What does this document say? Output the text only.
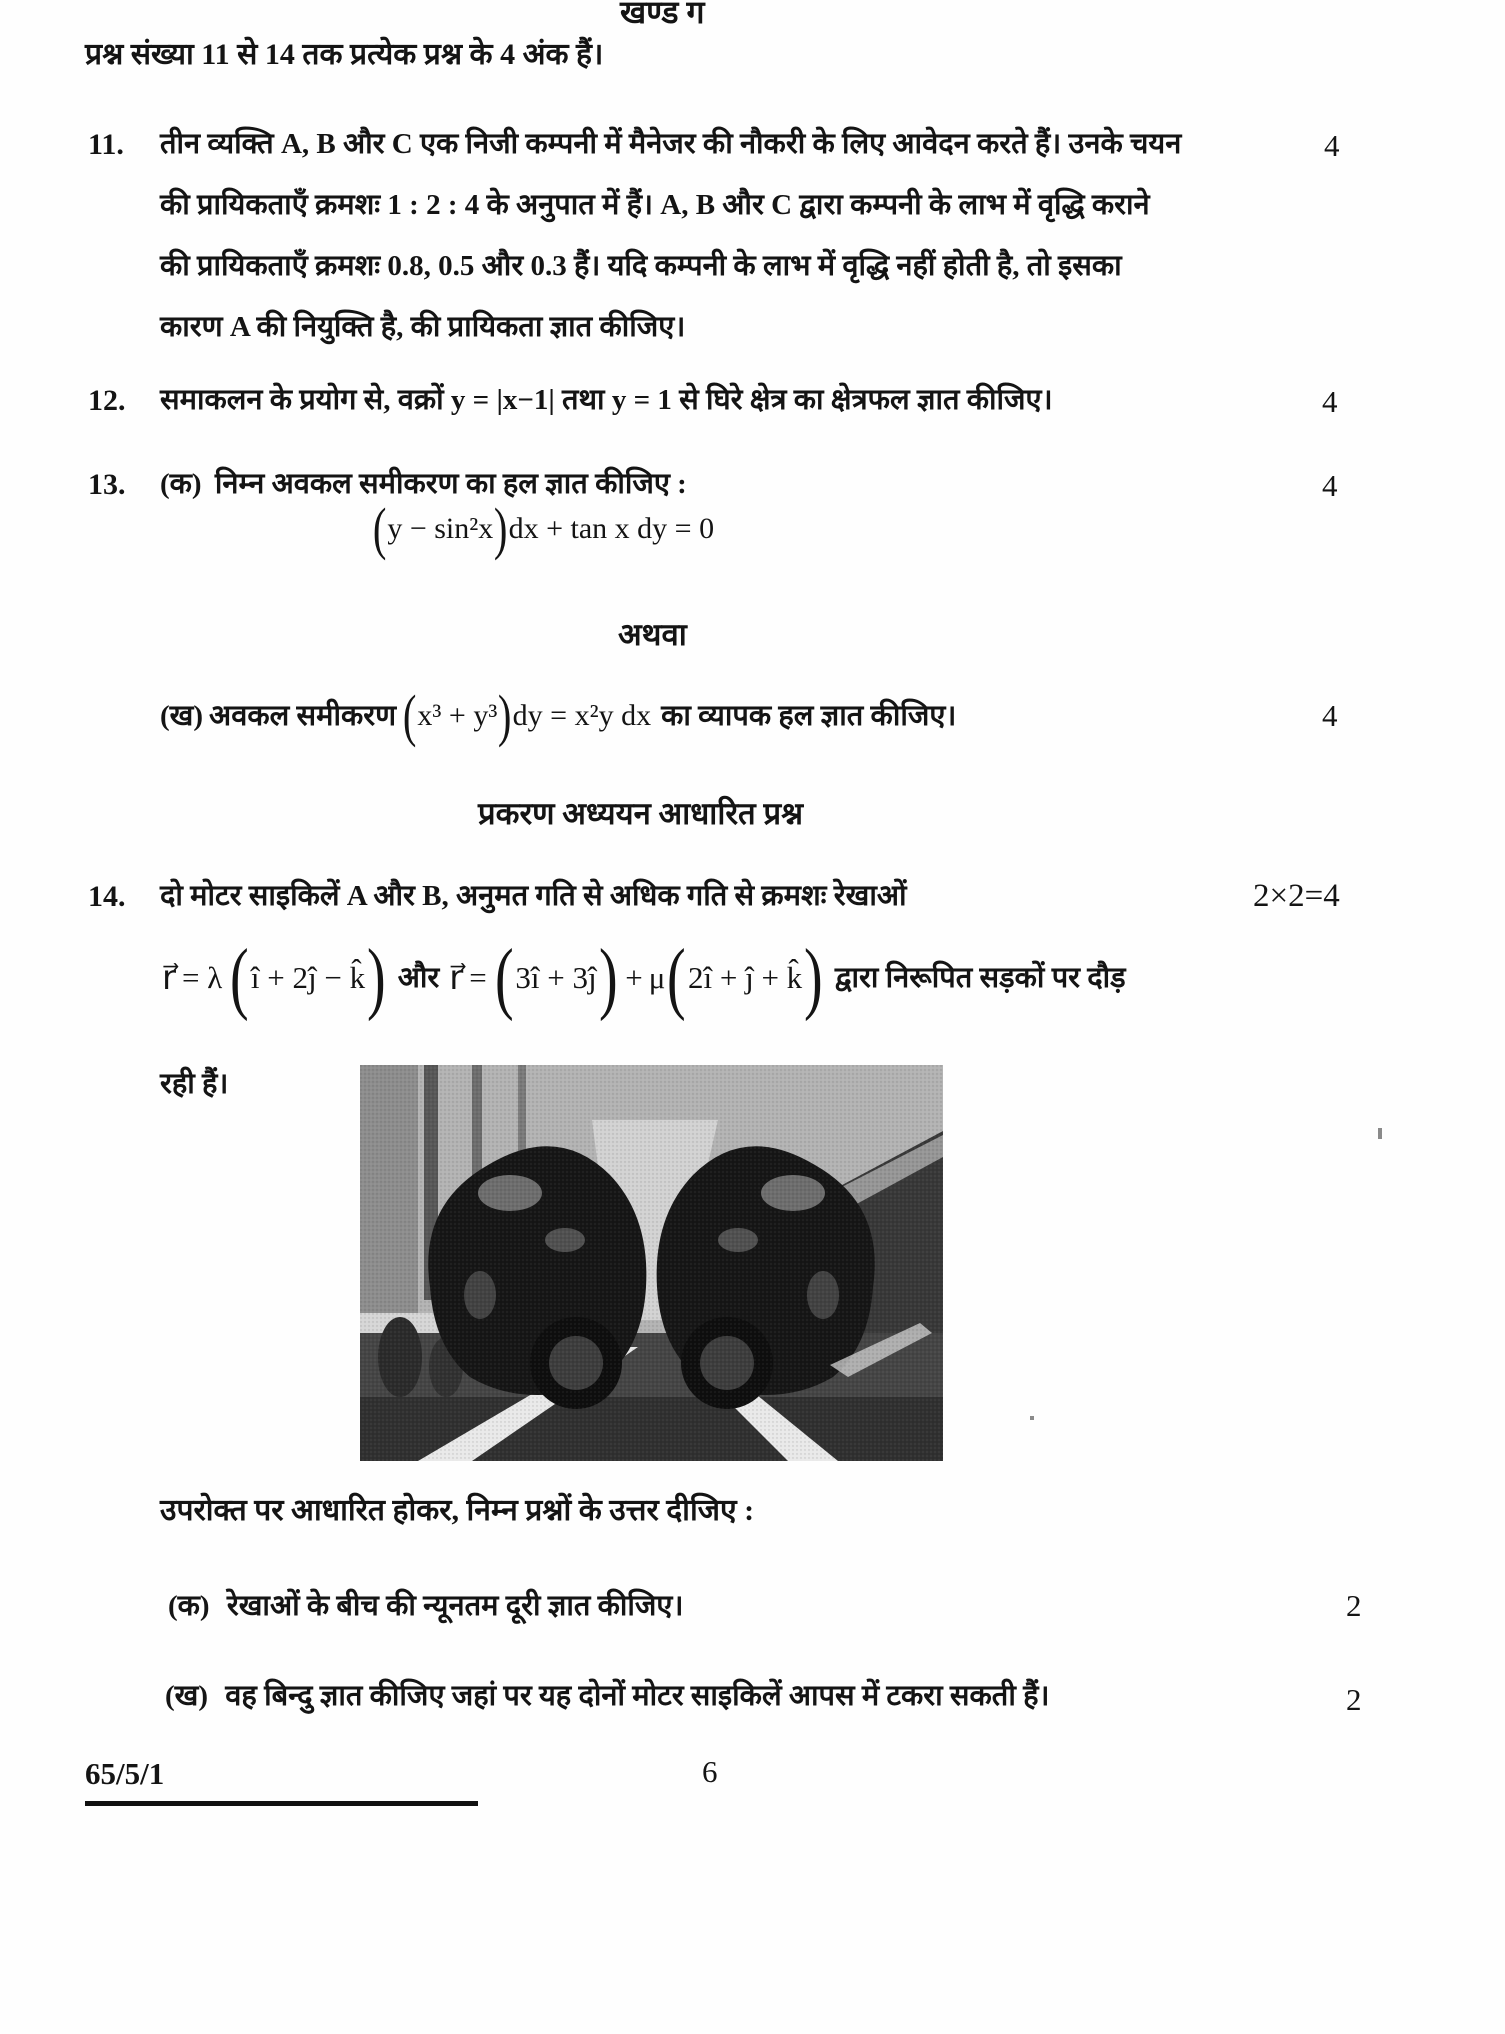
खण्ड ग
प्रश्न संख्या 11 से 14 तक प्रत्येक प्रश्न के 4 अंक हैं।
11. तीन व्यक्ति A, B और C एक निजी कम्पनी में मैनेजर की नौकरी के लिए आवेदन करते हैं। उनके चयन
की प्रायिकताएँ क्रमशः 1 : 2 : 4 के अनुपात में हैं। A, B और C द्वारा कम्पनी के लाभ में वृद्धि कराने
की प्रायिकताएँ क्रमशः 0.8, 0.5 और 0.3 हैं। यदि कम्पनी के लाभ में वृद्धि नहीं होती है, तो इसका
कारण A की नियुक्ति है, की प्रायिकता ज्ञात कीजिए।
4
12. समाकलन के प्रयोग से, वक्रों y = |x−1| तथा y = 1 से घिरे क्षेत्र का क्षेत्रफल ज्ञात कीजिए।	4
13. (क) निम्न अवकल समीकरण का हल ज्ञात कीजिए :	4
( y − sin²x ) dx + tan x dy = 0
अथवा
(ख) अवकल समीकरण ( x³ + y³ ) dy = x²y dx का व्यापक हल ज्ञात कीजिए।	4
प्रकरण अध्ययन आधारित प्रश्न
14. दो मोटर साइकिलें A और B, अनुमत गति से अधिक गति से क्रमशः रेखाओं	2×2=4
r⃗ = λ ( î + 2ĵ − k̂ ) और r⃗ = ( 3î + 3ĵ ) + μ ( 2î + ĵ + k̂ ) द्वारा निरूपित सड़कों पर दौड़
रही हैं।
उपरोक्त पर आधारित होकर, निम्न प्रश्नों के उत्तर दीजिए :
(क) रेखाओं के बीच की न्यूनतम दूरी ज्ञात कीजिए।	2
(ख) वह बिन्दु ज्ञात कीजिए जहां पर यह दोनों मोटर साइकिलें आपस में टकरा सकती हैं।	2
65/5/1	6
